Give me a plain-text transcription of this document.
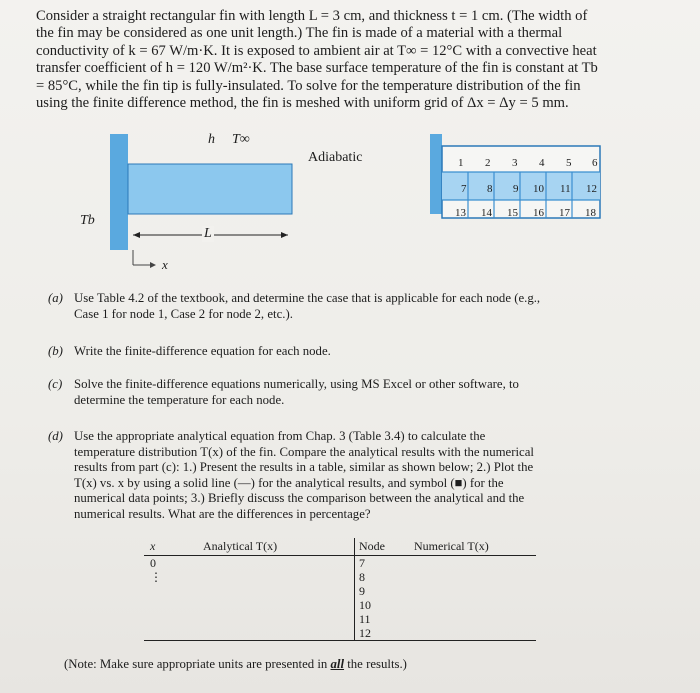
Consider a straight rectangular fin with length L = 3 cm, and thickness t = 1 cm. (The width of

the fin may be considered as one unit length.) The fin is made of a material with a thermal

conductivity of k = 67 W/m·K. It is exposed to ambient air at T∞ = 12°C with a convective heat

transfer coefficient of h = 120 W/m²·K. The base surface temperature of the fin is constant at Tb

= 85°C, while the fin tip is fully-insulated. To solve for the temperature distribution of the fin

using the finite difference method, the fin is meshed with uniform grid of Δx = Δy = 5 mm.

h T∞
Adiabatic
Tb
L
x
1 2 3 4 5 6
7 8 9 10 11 12
13 14 15 16 17 18
(a) Use Table 4.2 of the textbook, and determine the case that is applicable for each node (e.g.,
Case 1 for node 1, Case 2 for node 2, etc.).
(b) Write the finite-difference equation for each node.
(c) Solve the finite-difference equations numerically, using MS Excel or other software, to
determine the temperature for each node.
(d) Use the appropriate analytical equation from Chap. 3 (Table 3.4) to calculate the
temperature distribution T(x) of the fin. Compare the analytical results with the numerical
results from part (c): 1.) Present the results in a table, similar as shown below; 2.) Plot the
T(x) vs. x by using a solid line (—) for the analytical results, and symbol (■) for the
numerical data points; 3.) Briefly discuss the comparison between the analytical and the
numerical results. What are the differences in percentage?
x	Analytical T(x)	Node	Numerical T(x)
0		7	
⋮		8	
		9	
		10	
		11	
		12	
(Note: Make sure appropriate units are presented in all the results.)
